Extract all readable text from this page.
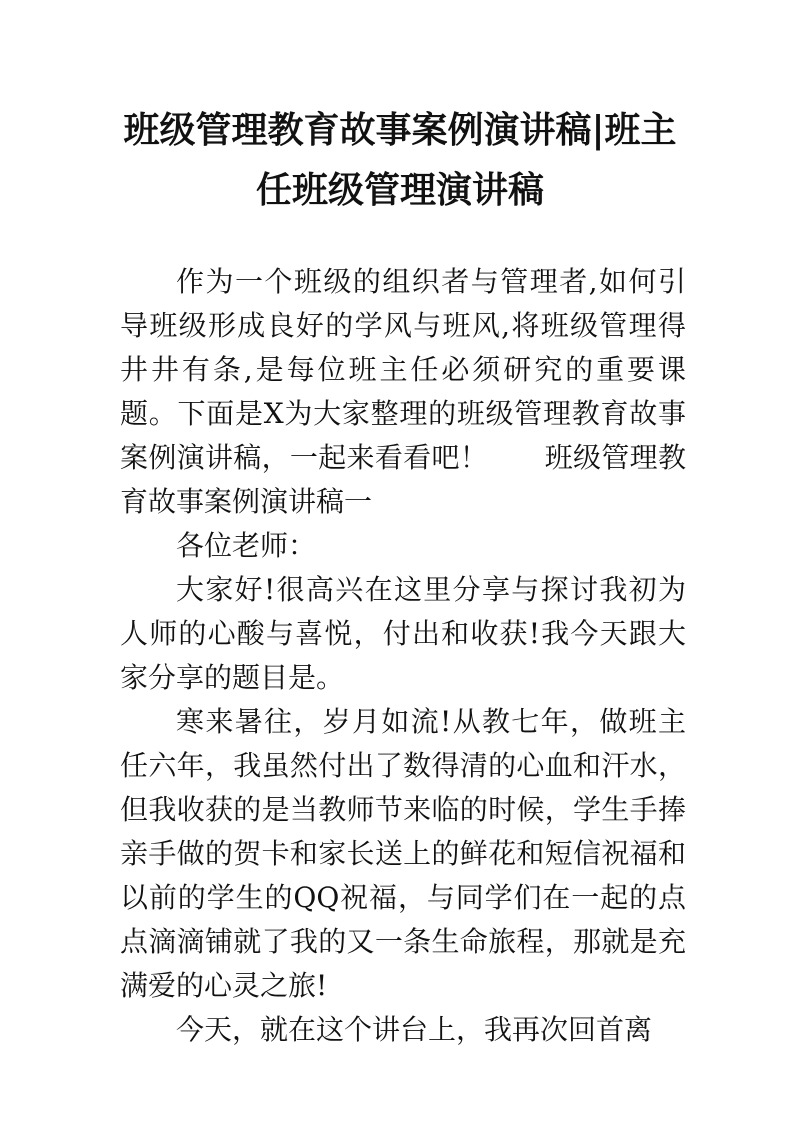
班级管理教育故事案例演讲稿|班主任班级管理演讲稿

作为一个班级的组织者与管理者,如何引导班级形成良好的学风与班风,将班级管理得井井有条,是每位班主任必须研究的重要课题。下面是X为大家整理的班级管理教育故事案例演讲稿，一起来看看吧！　　班级管理教育故事案例演讲稿一

各位老师：

大家好!很高兴在这里分享与探讨我初为人师的心酸与喜悦，付出和收获!我今天跟大家分享的题目是。

寒来暑往，岁月如流!从教七年，做班主任六年，我虽然付出了数得清的心血和汗水，但我收获的是当教师节来临的时候，学生手捧亲手做的贺卡和家长送上的鲜花和短信祝福和以前的学生的QQ祝福，与同学们在一起的点点滴滴铺就了我的又一条生命旅程，那就是充满爱的心灵之旅!

今天，就在这个讲台上，我再次回首离
